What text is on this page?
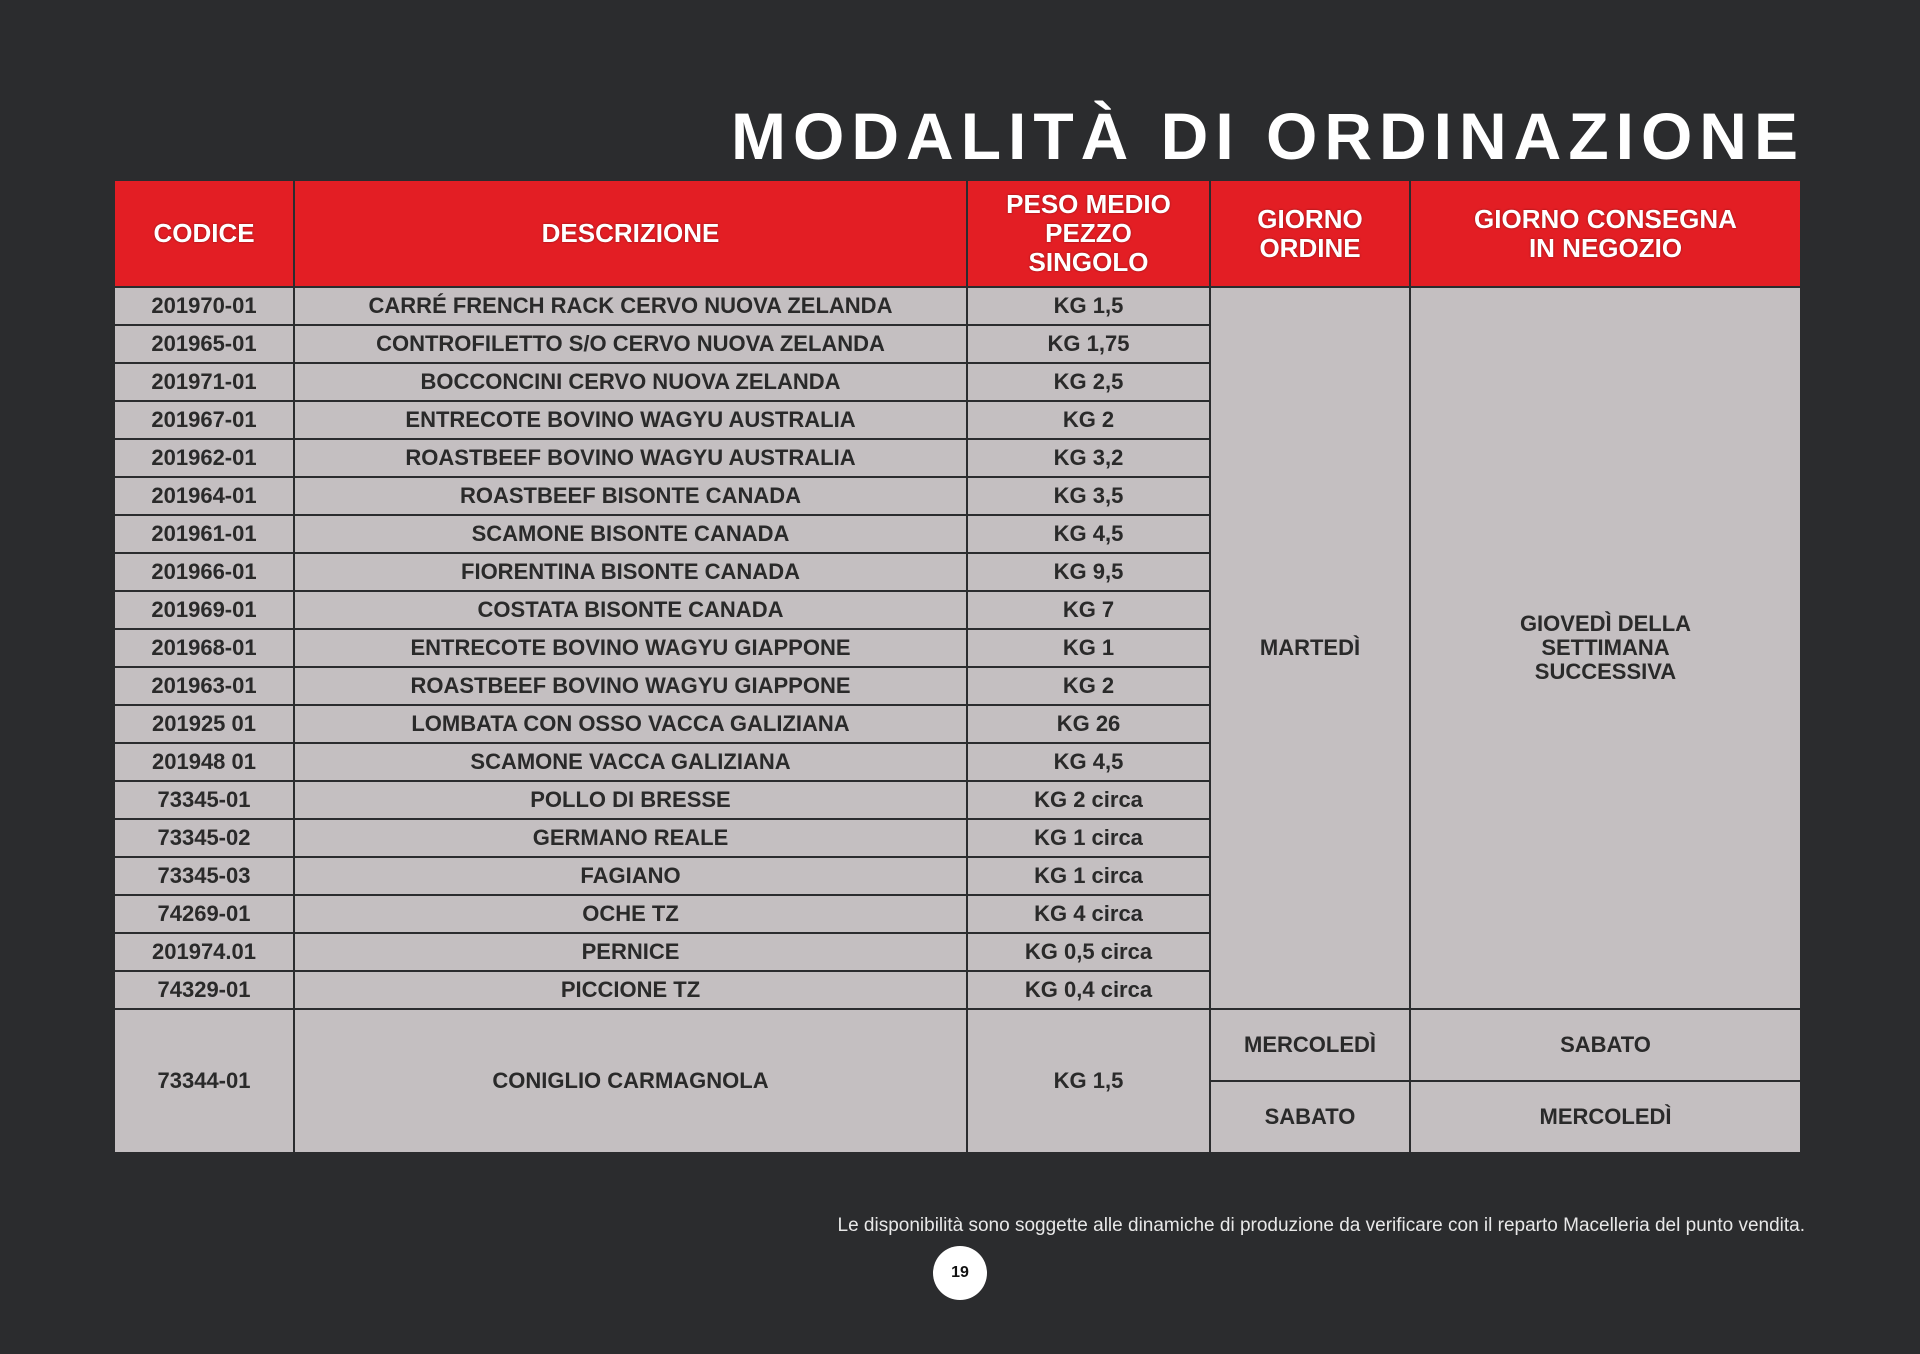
MODALITÀ DI ORDINAZIONE
CODICE	DESCRIZIONE	PESO MEDIO PEZZO SINGOLO	GIORNO ORDINE	GIORNO CONSEGNA IN NEGOZIO
201970-01	CARRÉ FRENCH RACK CERVO NUOVA ZELANDA	KG 1,5	MARTEDÌ	GIOVEDÌ DELLA SETTIMANA SUCCESSIVA
201965-01	CONTROFILETTO S/O CERVO NUOVA ZELANDA	KG 1,75		
201971-01	BOCCONCINI CERVO NUOVA ZELANDA	KG 2,5		
201967-01	ENTRECOTE BOVINO WAGYU AUSTRALIA	KG 2		
201962-01	ROASTBEEF BOVINO WAGYU AUSTRALIA	KG 3,2		
201964-01	ROASTBEEF BISONTE CANADA	KG 3,5		
201961-01	SCAMONE BISONTE CANADA	KG 4,5		
201966-01	FIORENTINA BISONTE CANADA	KG 9,5		
201969-01	COSTATA BISONTE CANADA	KG 7		
201968-01	ENTRECOTE BOVINO WAGYU GIAPPONE	KG 1		
201963-01	ROASTBEEF BOVINO WAGYU GIAPPONE	KG 2		
201925 01	LOMBATA CON OSSO VACCA GALIZIANA	KG 26		
201948 01	SCAMONE VACCA GALIZIANA	KG 4,5		
73345-01	POLLO DI BRESSE	KG 2 circa		
73345-02	GERMANO REALE	KG 1 circa		
73345-03	FAGIANO	KG 1 circa		
74269-01	OCHE TZ	KG 4 circa		
201974.01	PERNICE	KG 0,5 circa		
74329-01	PICCIONE TZ	KG 0,4 circa		
73344-01	CONIGLIO CARMAGNOLA	KG 1,5	MERCOLEDÌ	SABATO
			SABATO	MERCOLEDÌ
Le disponibilità sono soggette alle dinamiche di produzione da verificare con il reparto Macelleria del punto vendita.
19
